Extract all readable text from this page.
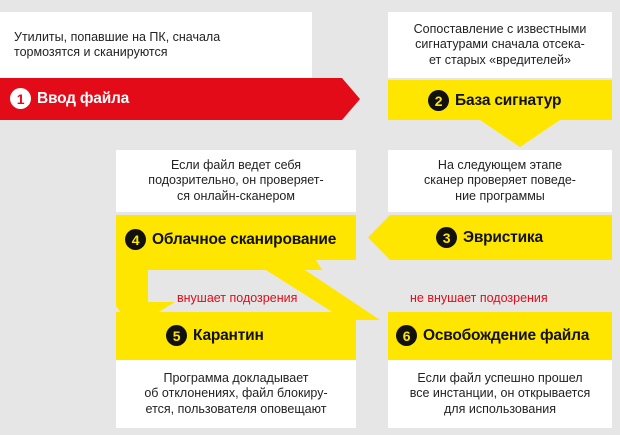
Утилиты, попавшие на ПК, сначала
тормозятся и сканируются
Сопоставление с известными
сигнатурами сначала отсека-
ет старых «вредителей»
Если файл ведет себя
подозрительно, он проверяет-
ся онлайн-сканером
На следующем этапе
сканер проверяет поведе-
ние программы
Программа докладывает
об отклонениях, файл блокиру-
ется, пользователя оповещают
Если файл успешно прошел
все инстанции, он открывается
для использования
1 Ввод файла	2 База сигнатур
3 Эвристика
4 Облачное сканирование
5 Карантин	6 Освобождение файла
внушает подозрения	не внушает подозрения
